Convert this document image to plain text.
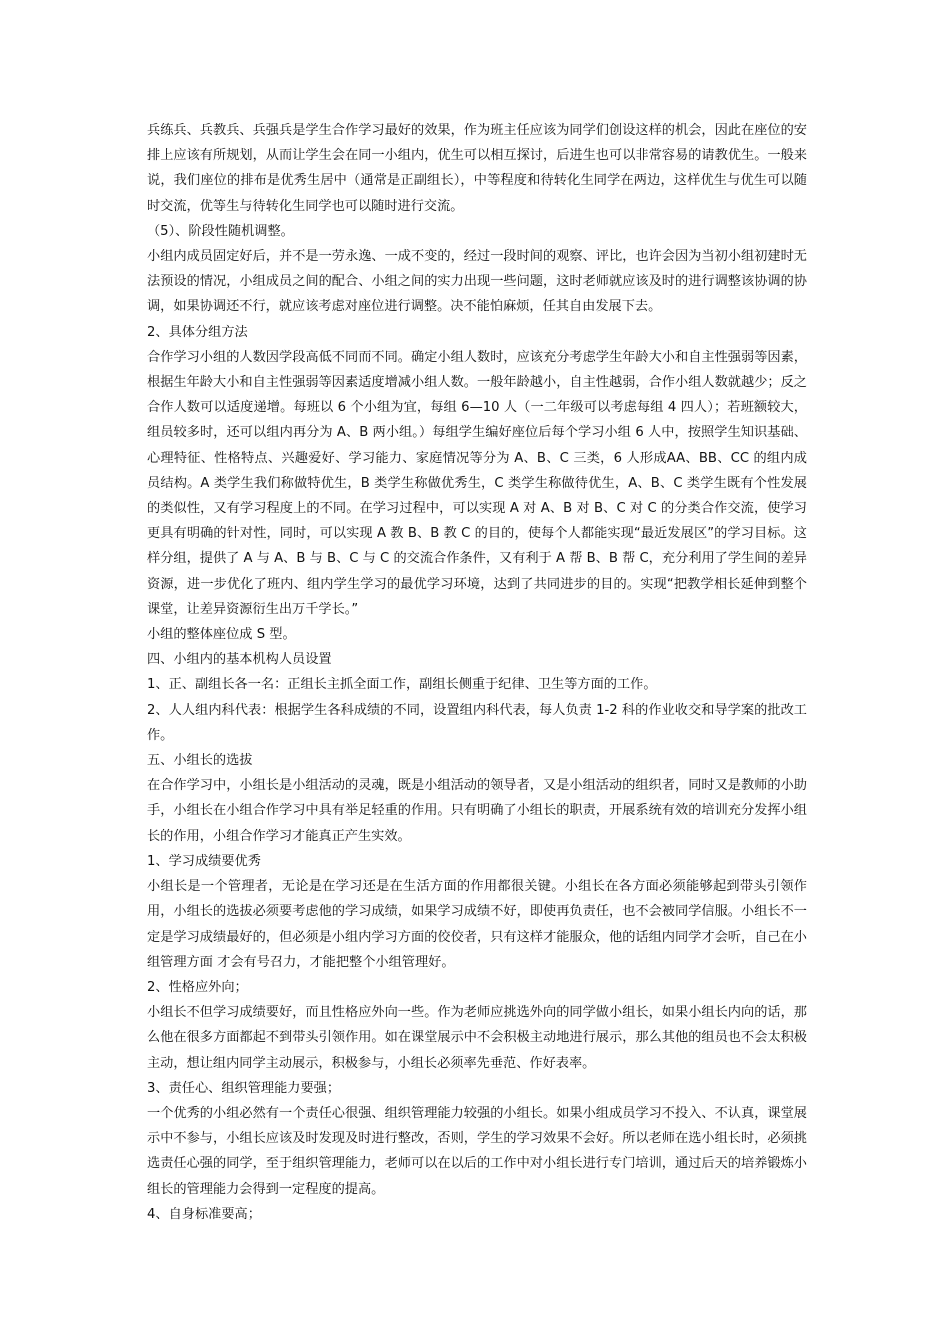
兵练兵、兵教兵、兵强兵是学生合作学习最好的效果，作为班主任应该为同学们创设这样的机会，因此在座位的安排上应该有所规划，从而让学生会在同一小组内，优生可以相互探讨，后进生也可以非常容易的请教优生。一般来说，我们座位的排布是优秀生居中（通常是正副组长），中等程度和待转化生同学在两边，这样优生与优生可以随时交流，优等生与待转化生同学也可以随时进行交流。

（5）、阶段性随机调整。

小组内成员固定好后，并不是一劳永逸、一成不变的，经过一段时间的观察、评比，也许会因为当初小组初建时无法预设的情况，小组成员之间的配合、小组之间的实力出现一些问题，这时老师就应该及时的进行调整该协调的协调，如果协调还不行，就应该考虑对座位进行调整。决不能怕麻烦，任其自由发展下去。

2、具体分组方法

合作学习小组的人数因学段高低不同而不同。确定小组人数时，应该充分考虑学生年龄大小和自主性强弱等因素，根据生年龄大小和自主性强弱等因素适度增减小组人数。一般年龄越小，自主性越弱，合作小组人数就越少；反之合作人数可以适度递增。每班以 6 个小组为宜，每组 6—10 人（一二年级可以考虑每组 4 四人）；若班额较大，组员较多时，还可以组内再分为 A、B 两小组。）每组学生编好座位后每个学习小组 6 人中，按照学生知识基础、心理特征、性格特点、兴趣爱好、学习能力、家庭情况等分为 A、B、C 三类，6 人形成AA、BB、CC 的组内成员结构。A 类学生我们称做特优生，B 类学生称做优秀生，C 类学生称做待优生，A、B、C 类学生既有个性发展的类似性，又有学习程度上的不同。在学习过程中，可以实现 A 对 A、B 对 B、C 对 C 的分类合作交流，使学习更具有明确的针对性，同时，可以实现 A 教 B、B 教 C 的目的，使每个人都能实现“最近发展区”的学习目标。这样分组，提供了 A 与 A、B 与 B、C 与 C 的交流合作条件，又有利于 A 帮 B、B 帮 C，充分利用了学生间的差异资源，进一步优化了班内、组内学生学习的最优学习环境，达到了共同进步的目的。实现“把教学相长延伸到整个课堂，让差异资源衍生出万千学长。”

小组的整体座位成 S 型。

四、小组内的基本机构人员设置

1、正、副组长各一名：正组长主抓全面工作，副组长侧重于纪律、卫生等方面的工作。

2、人人组内科代表：根据学生各科成绩的不同，设置组内科代表，每人负责 1-2 科的作业收交和导学案的批改工作。

五、小组长的选拔

在合作学习中，小组长是小组活动的灵魂，既是小组活动的领导者，又是小组活动的组织者，同时又是教师的小助手，小组长在小组合作学习中具有举足轻重的作用。只有明确了小组长的职责，开展系统有效的培训充分发挥小组长的作用，小组合作学习才能真正产生实效。

1、学习成绩要优秀

小组长是一个管理者，无论是在学习还是在生活方面的作用都很关键。小组长在各方面必须能够起到带头引领作用，小组长的选拔必须要考虑他的学习成绩，如果学习成绩不好，即使再负责任，也不会被同学信服。小组长不一定是学习成绩最好的，但必须是小组内学习方面的佼佼者，只有这样才能服众，他的话组内同学才会听，自己在小组管理方面 才会有号召力，才能把整个小组管理好。

2、性格应外向；

小组长不但学习成绩要好，而且性格应外向一些。作为老师应挑选外向的同学做小组长，如果小组长内向的话，那么他在很多方面都起不到带头引领作用。如在课堂展示中不会积极主动地进行展示，那么其他的组员也不会太积极主动，想让组内同学主动展示，积极参与，小组长必须率先垂范、作好表率。

3、责任心、组织管理能力要强；

一个优秀的小组必然有一个责任心很强、组织管理能力较强的小组长。如果小组成员学习不投入、不认真，课堂展示中不参与，小组长应该及时发现及时进行整改，否则，学生的学习效果不会好。所以老师在选小组长时，必须挑选责任心强的同学，至于组织管理能力，老师可以在以后的工作中对小组长进行专门培训，通过后天的培养锻炼小组长的管理能力会得到一定程度的提高。

4、自身标准要高；
